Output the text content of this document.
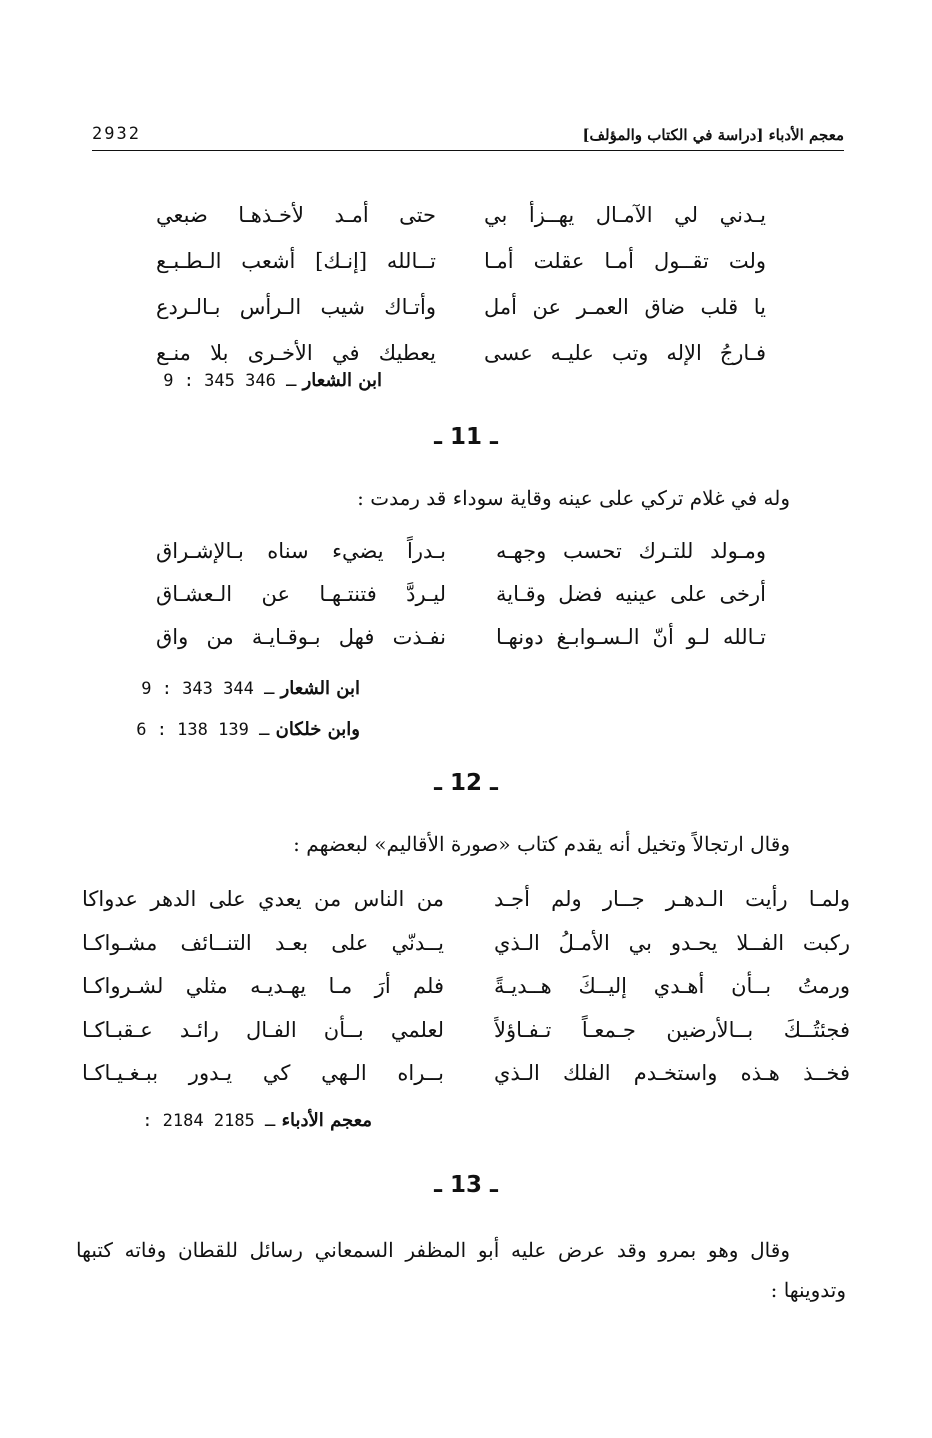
2932	معجم الأدباء [دراسة في الكتاب والمؤلف]
يـدني لي الآمـال يهــزأ بي
حتى أمـد لأخـذهـا ضبعي
ولت تقــول أمـا عقلت أمـا
تــالله [إنـك] أشعب الـطـبـع
يا قلب ضاق العمـر عن أمل
وأتـاك شيب الـرأس بـالـردع
فـارجُ الإله وتب عليـه عسى
يعطيك في الأخـرى بلا منـع
ابن الشعار 9 : 345 ـ 346
ـ 11 ـ
وله في غلام تركي على عينه وقاية سوداء قد رمدت :
ومـولد للتـرك تحسب وجهـه
بـدراً يضيء سناه بـالإشـراق
أرخى على عينيه فضل وقـاية
ليـردَّ فتنتـهـا عن الـعشـاق
تـالله لـو أنّ الـسـوابـغ دونهـا
نفـذت فهل بـوقـايـة من واق
ابن الشعار 9 : 343 ـ 344
وابن خلكان 6 : 138 ـ 139
ـ 12 ـ
وقال ارتجالاً وتخيل أنه يقدم كتاب «صورة الأقاليم» لبعضهم :
ولمـا رأيت الـدهـر جــار ولم أجـد
من الناس من يعدي على الدهر عدواكا
ركبت الفــلا يحـدو بي الأمـلُ الـذي
يــدنّي على بعـد التنــائف مشـواكـا
ورمتُ بــأن أهـدي إليــكَ هــديـةً
فلم أرَ مـا يهـديـه مثلي لشـرواكـا
فجئتُــكَ بــالأرضين جـمعـاً تـفـاؤلاً
لعلمي بــأن الفـال رائـد عـقبـاكـا
فخــذ هـذه واستخـدم الفلك الـذي
بــراه الـهي كي يـدور ببـغـيـاكـا
معجم الأدباء : 2184 ـ 2185
ـ 13 ـ
وقال وهو بمرو وقد عرض عليه أبو المظفر السمعاني رسائل للقطان وفاته كتبها
وتدوينها :
